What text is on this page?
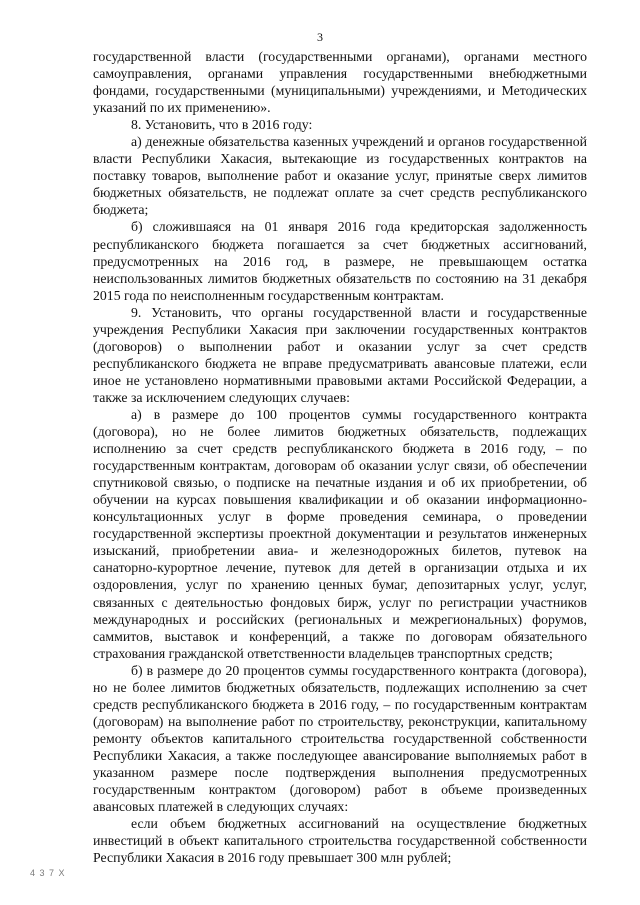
3

государственной власти (государственными органами), органами местного самоуправления, органами управления государственными внебюджетными фондами, государственными (муниципальными) учреждениями, и Методических указаний по их применению».

8. Установить, что в 2016 году:

а) денежные обязательства казенных учреждений и органов государственной власти Республики Хакасия, вытекающие из государственных контрактов на поставку товаров, выполнение работ и оказание услуг, принятые сверх лимитов бюджетных обязательств, не подлежат оплате за счет средств республиканского бюджета;

б) сложившаяся на 01 января 2016 года кредиторская задолженность республиканского бюджета погашается за счет бюджетных ассигнований, предусмотренных на 2016 год, в размере, не превышающем остатка неиспользованных лимитов бюджетных обязательств по состоянию на 31 декабря 2015 года по неисполненным государственным контрактам.

9. Установить, что органы государственной власти и государственные учреждения Республики Хакасия при заключении государственных контрактов (договоров) о выполнении работ и оказании услуг за счет средств республиканского бюджета не вправе предусматривать авансовые платежи, если иное не установлено нормативными правовыми актами Российской Федерации, а также за исключением следующих случаев:

а) в размере до 100 процентов суммы государственного контракта (договора), но не более лимитов бюджетных обязательств, подлежащих исполнению за счет средств республиканского бюджета в 2016 году, – по государственным контрактам, договорам об оказании услуг связи, об обеспечении спутниковой связью, о подписке на печатные издания и об их приобретении, об обучении на курсах повышения квалификации и об оказании информационно-консультационных услуг в форме проведения семинара, о проведении государственной экспертизы проектной документации и результатов инженерных изысканий, приобретении авиа- и железнодорожных билетов, путевок на санаторно-курортное лечение, путевок для детей в организации отдыха и их оздоровления, услуг по хранению ценных бумаг, депозитарных услуг, услуг, связанных с деятельностью фондовых бирж, услуг по регистрации участников международных и российских (региональных и межрегиональных) форумов, саммитов, выставок и конференций, а также по договорам обязательного страхования гражданской ответственности владельцев транспортных средств;

б) в размере до 20 процентов суммы государственного контракта (договора), но не более лимитов бюджетных обязательств, подлежащих исполнению за счет средств республиканского бюджета в 2016 году, – по государственным контрактам (договорам) на выполнение работ по строительству, реконструкции, капитальному ремонту объектов капитального строительства государственной собственности Республики Хакасия, а также последующее авансирование выполняемых работ в указанном размере после подтверждения выполнения предусмотренных государственным контрактом (договором) работ в объеме произведенных авансовых платежей в следующих случаях:

если объем бюджетных ассигнований на осуществление бюджетных инвестиций в объект капитального строительства государственной собственности Республики Хакасия в 2016 году превышает 300 млн рублей;

4 3 7 Х
